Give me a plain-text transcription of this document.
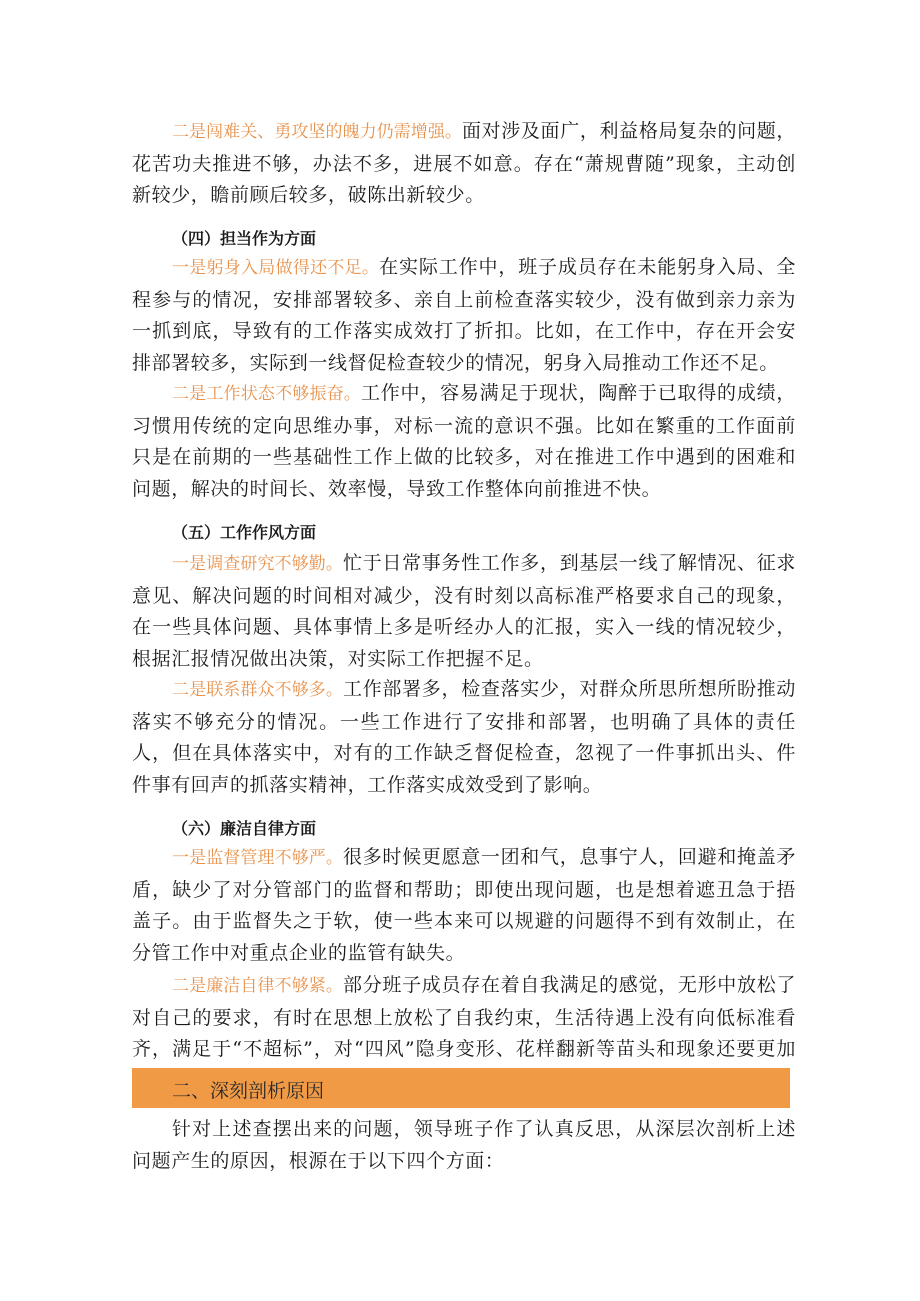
二是闯难关、勇攻坚的魄力仍需增强。面对涉及面广，利益格局复杂的问题，花苦功夫推进不够，办法不多，进展不如意。存在“萧规曹随”现象，主动创新较少，瞻前顾后较多，破陈出新较少。

（四）担当作为方面

一是躬身入局做得还不足。在实际工作中，班子成员存在未能躬身入局、全程参与的情况，安排部署较多、亲自上前检查落实较少，没有做到亲力亲为一抓到底，导致有的工作落实成效打了折扣。比如，在工作中，存在开会安排部署较多，实际到一线督促检查较少的情况，躬身入局推动工作还不足。

二是工作状态不够振奋。工作中，容易满足于现状，陶醉于已取得的成绩，习惯用传统的定向思维办事，对标一流的意识不强。比如在繁重的工作面前只是在前期的一些基础性工作上做的比较多，对在推进工作中遇到的困难和问题，解决的时间长、效率慢，导致工作整体向前推进不快。

（五）工作作风方面

一是调查研究不够勤。忙于日常事务性工作多，到基层一线了解情况、征求意见、解决问题的时间相对减少，没有时刻以高标准严格要求自己的现象，在一些具体问题、具体事情上多是听经办人的汇报，实入一线的情况较少，根据汇报情况做出决策，对实际工作把握不足。

二是联系群众不够多。工作部署多，检查落实少，对群众所思所想所盼推动落实不够充分的情况。一些工作进行了安排和部署，也明确了具体的责任人，但在具体落实中，对有的工作缺乏督促检查，忽视了一件事抓出头、件件事有回声的抓落实精神，工作落实成效受到了影响。

（六）廉洁自律方面

一是监督管理不够严。很多时候更愿意一团和气，息事宁人，回避和掩盖矛盾，缺少了对分管部门的监督和帮助；即使出现问题，也是想着遮丑急于捂盖子。由于监督失之于软，使一些本来可以规避的问题得不到有效制止，在分管工作中对重点企业的监管有缺失。

二是廉洁自律不够紧。部分班子成员存在着自我满足的感觉，无形中放松了对自己的要求，有时在思想上放松了自我约束，生活待遇上没有向低标准看齐，满足于“不超标”，对“四风”隐身变形、花样翻新等苗头和现象还要更加

二、深刻剖析原因

针对上述查摆出来的问题，领导班子作了认真反思，从深层次剖析上述问题产生的原因，根源在于以下四个方面：
